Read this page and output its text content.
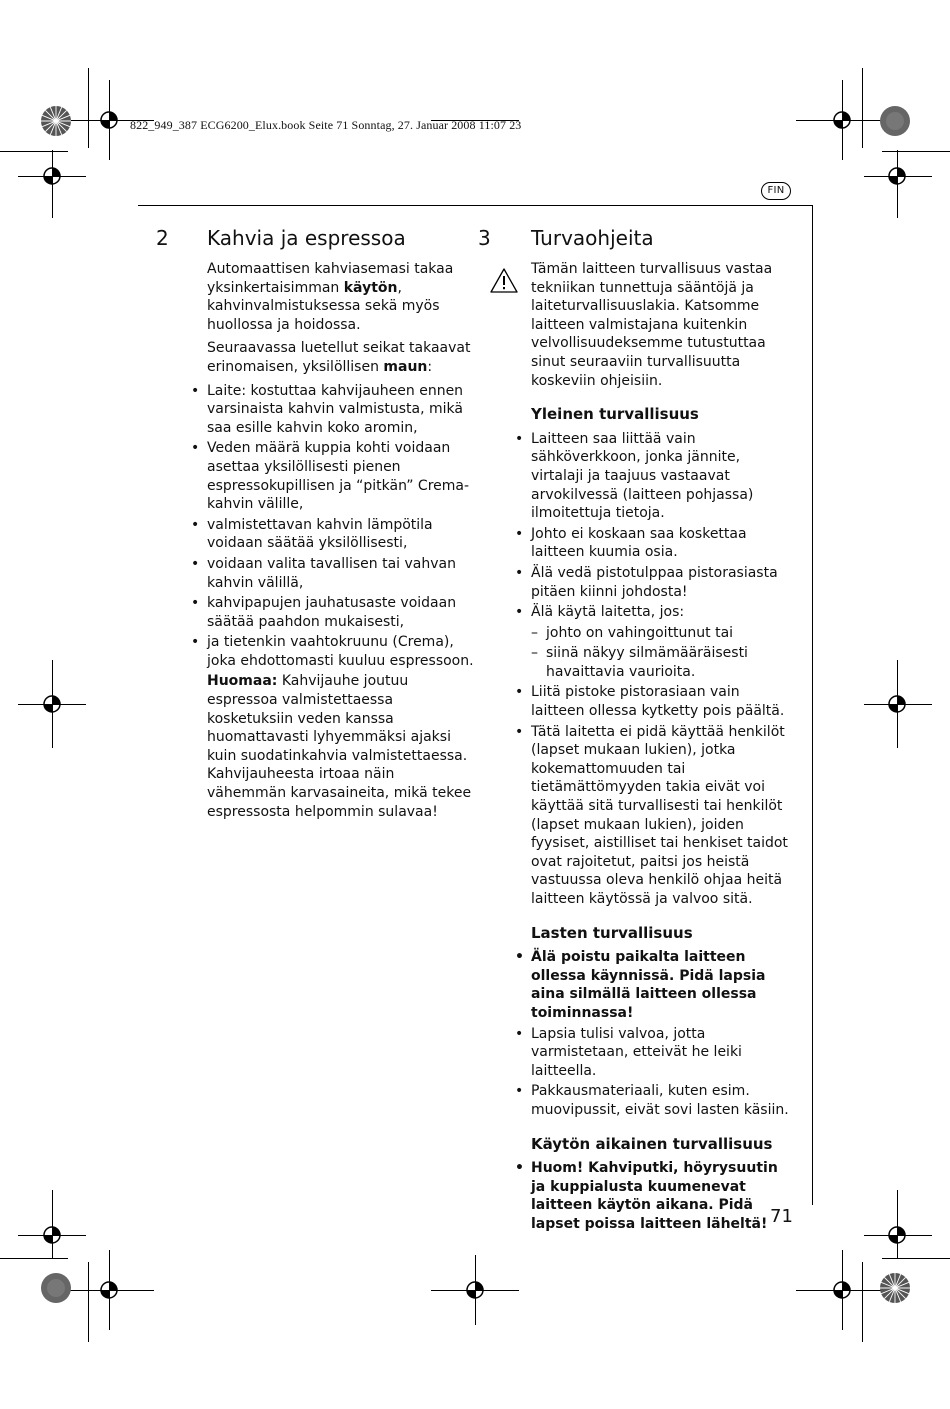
822_949_387 ECG6200_Elux.book Seite 71 Sonntag, 27. Januar 2008 11:07 23
FIN
2 Kahvia ja espressoa

Automaattisen kahviasemasi takaa yksinkertaisimman käytön, kahvinvalmistuksessa sekä myös huollossa ja hoidossa.

Seuraavassa luetellut seikat takaavat erinomaisen, yksilöllisen maun:

• Laite: kostuttaa kahvijauheen ennen varsinaista kahvin valmistusta, mikä saa esille kahvin koko aromin,
• Veden määrä kuppia kohti voidaan asettaa yksilöllisesti pienen espressokupillisen ja “pitkän” Crema-kahvin välille,
• valmistettavan kahvin lämpötila voidaan säätää yksilöllisesti,
• voidaan valita tavallisen tai vahvan kahvin välillä,
• kahvipapujen jauhatusaste voidaan säätää paahdon mukaisesti,
• ja tietenkin vaahtokruunu (Crema), joka ehdottomasti kuuluu espressoon.

Huomaa: Kahvijauhe joutuu espressoa valmistettaessa kosketuksiin veden kanssa huomattavasti lyhyemmäksi ajaksi kuin suodatinkahvia valmistettaessa. Kahvijauheesta irtoaa näin vähemmän karvasaineita, mikä tekee espressosta helpommin sulavaa!

3 Turvaohjeita

Tämän laitteen turvallisuus vastaa tekniikan tunnettuja sääntöjä ja laiteturvallisuuslakia. Katsomme laitteen valmistajana kuitenkin velvollisuudeksemme tutustuttaa sinut seuraaviin turvallisuutta koskeviin ohjeisiin.

Yleinen turvallisuus
• Laitteen saa liittää vain sähköverkkoon, jonka jännite, virtalaji ja taajuus vastaavat arvokilvessä (laitteen pohjassa) ilmoitettuja tietoja.
• Johto ei koskaan saa koskettaa laitteen kuumia osia.
• Älä vedä pistotulppaa pistorasiasta pitäen kiinni johdosta!
• Älä käytä laitetta, jos:
– johto on vahingoittunut tai
– siinä näkyy silmämääräisesti havaittavia vaurioita.
• Liitä pistoke pistorasiaan vain laitteen ollessa kytketty pois päältä.
• Tätä laitetta ei pidä käyttää henkilöt (lapset mukaan lukien), jotka kokemattomuuden tai tietämättömyyden takia eivät voi käyttää sitä turvallisesti tai henkilöt (lapset mukaan lukien), joiden fyysiset, aistilliset tai henkiset taidot ovat rajoitetut, paitsi jos heistä vastuussa oleva henkilö ohjaa heitä laitteen käytössä ja valvoo sitä.
Lasten turvallisuus
• Älä poistu paikalta laitteen ollessa käynnissä. Pidä lapsia aina silmällä laitteen ollessa toiminnassa!
• Lapsia tulisi valvoa, jotta varmistetaan, etteivät he leiki laitteella.
• Pakkausmateriaali, kuten esim. muovipussit, eivät sovi lasten käsiin.
Käytön aikainen turvallisuus
• Huom! Kahviputki, höyrysuutin ja kuppialusta kuumenevat laitteen käytön aikana. Pidä lapset poissa laitteen läheltä! 71
